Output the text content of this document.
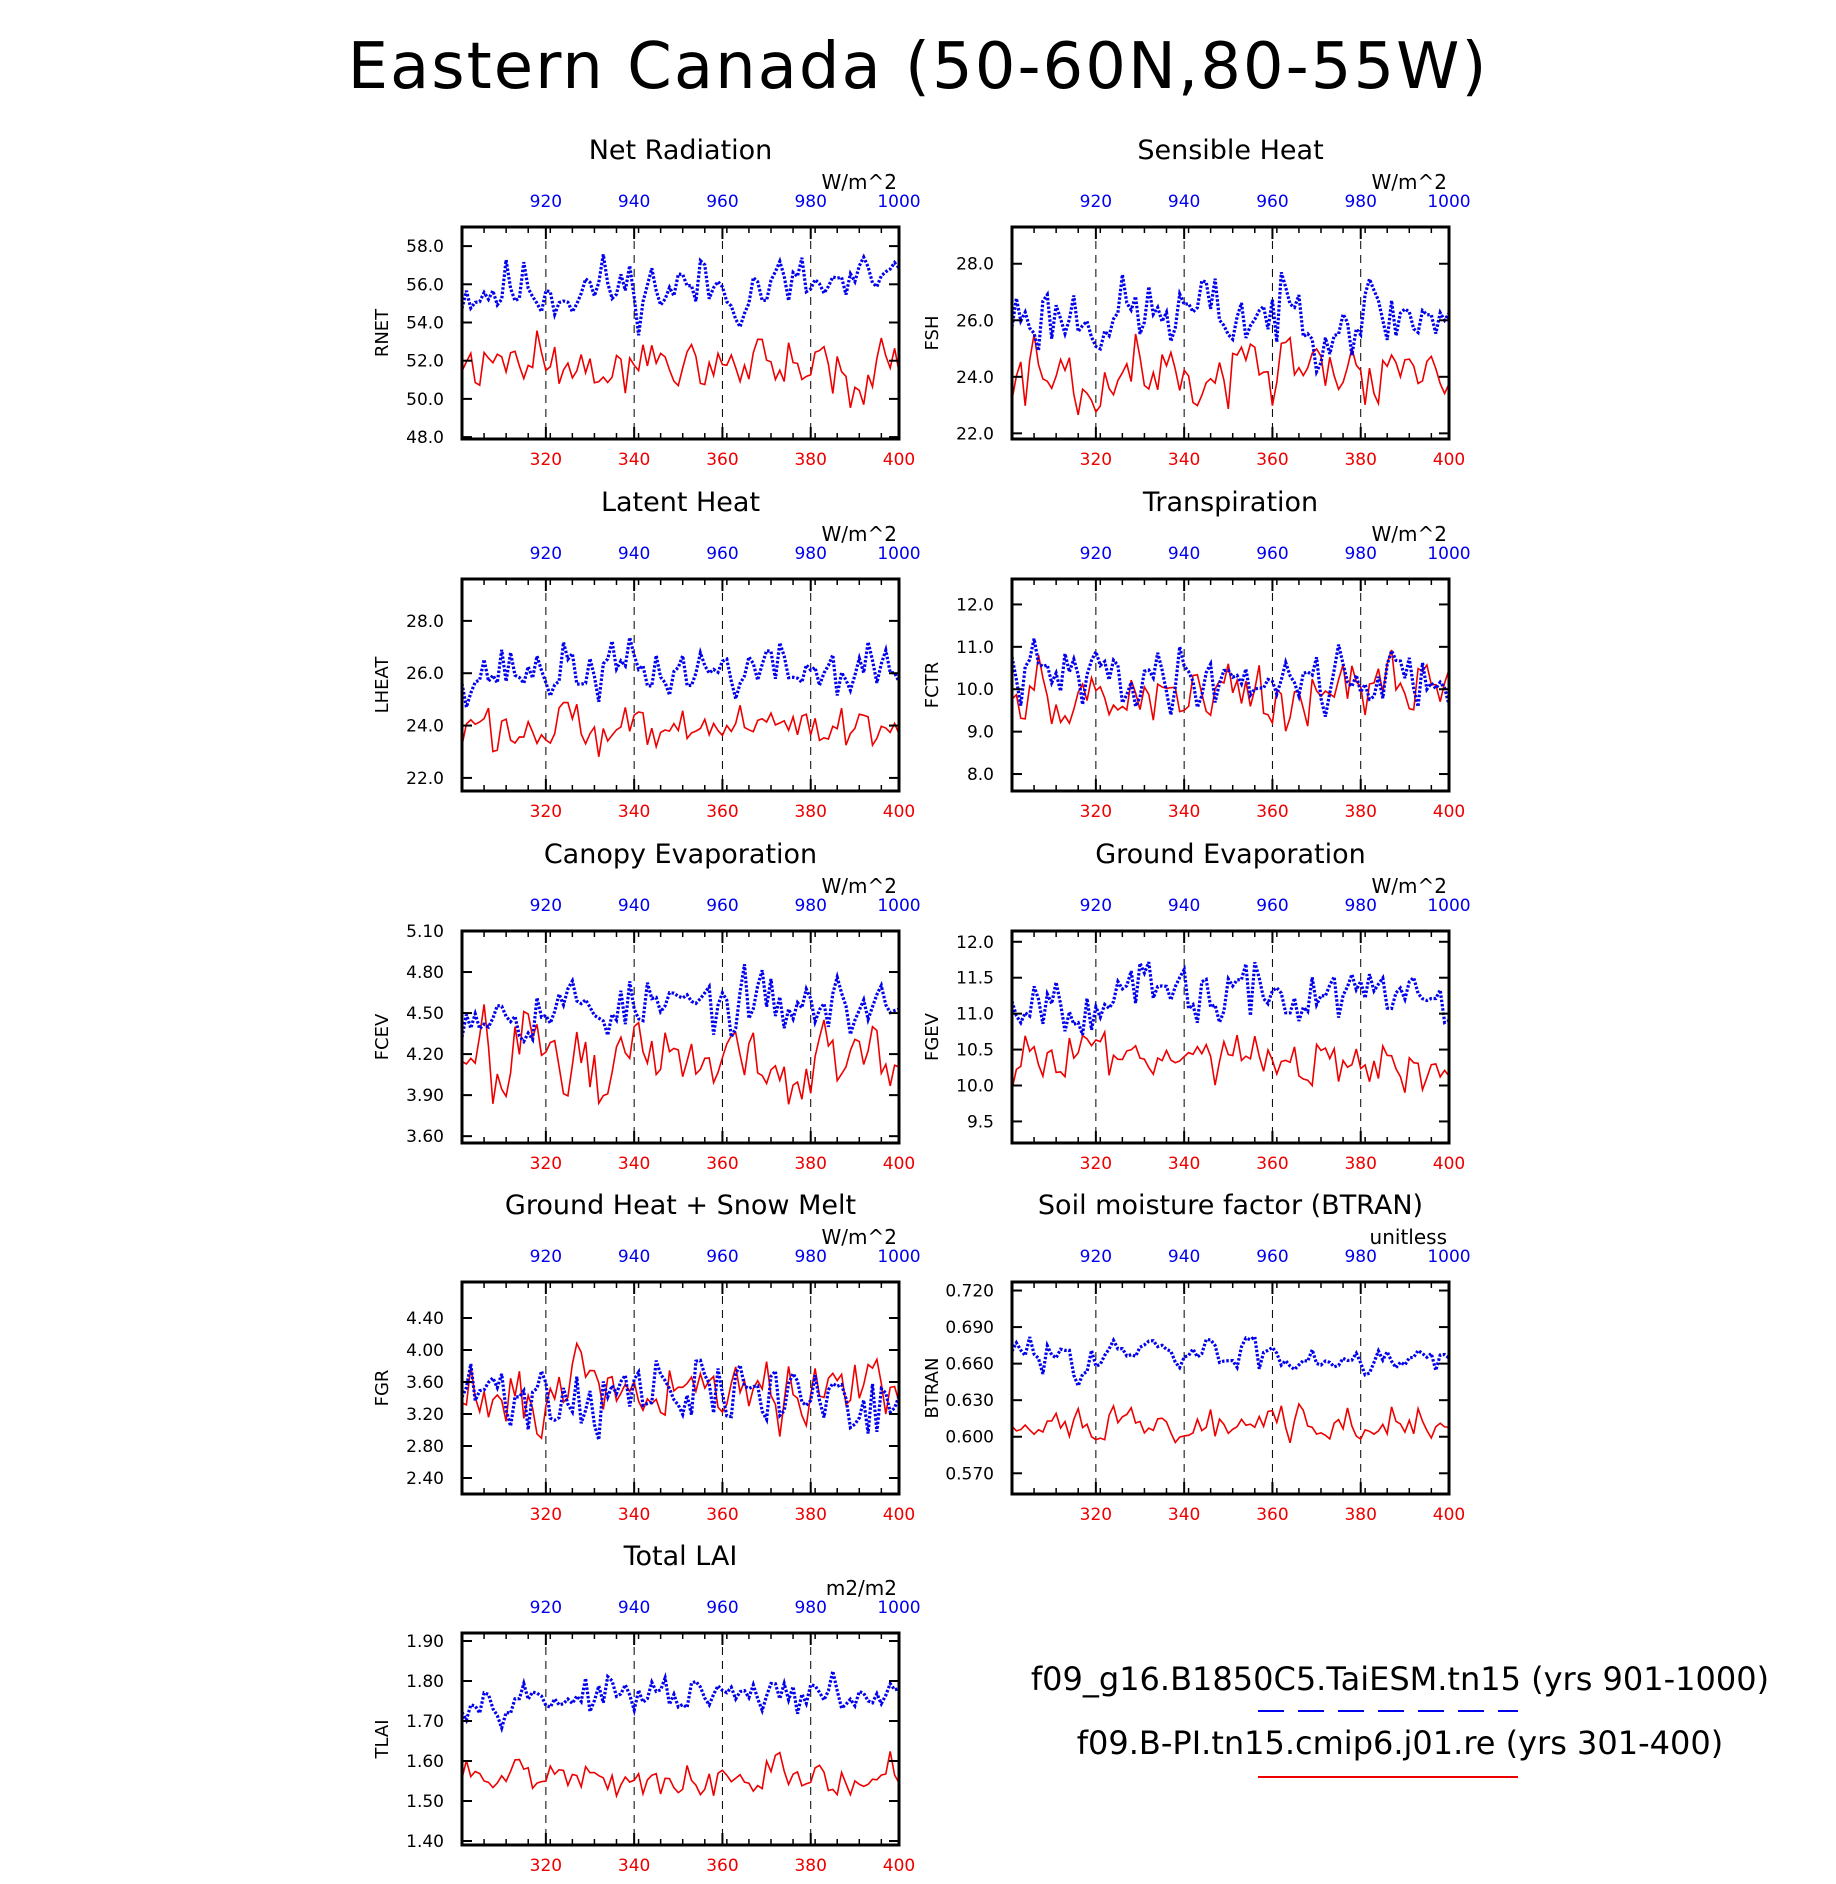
Eastern Canada (50-60N,80-55W)
Net Radiation
W/m^2
48.0
50.0
52.0
54.0
56.0
58.0
RNET
320	340	360	380	400
920	940	960	980	1000
Sensible Heat
W/m^2
22.0
24.0
26.0
28.0
FSH
320	340	360	380	400
920	940	960	980	1000
Latent Heat
W/m^2
22.0
24.0
26.0
28.0
LHEAT
320	340	360	380	400
920	940	960	980	1000
Transpiration
W/m^2
8.0
9.0
10.0
11.0
12.0
FCTR
320	340	360	380	400
920	940	960	980	1000
Canopy Evaporation
W/m^2
3.60
3.90
4.20
4.50
4.80
5.10
FCEV
320	340	360	380	400
920	940	960	980	1000
Ground Evaporation
W/m^2
9.5
10.0
10.5
11.0
11.5
12.0
FGEV
320	340	360	380	400
920	940	960	980	1000
Ground Heat + Snow Melt
W/m^2
2.40
2.80
3.20
3.60
4.00
4.40
FGR
320	340	360	380	400
920	940	960	980	1000
Soil moisture factor (BTRAN)
unitless
0.570
0.600
0.630
0.660
0.690
0.720
BTRAN
320	340	360	380	400
920	940	960	980	1000
Total LAI
m2/m2
1.40
1.50
1.60
1.70
1.80
1.90
TLAI
320	340	360	380	400
920	940	960	980	1000
f09_g16.B1850C5.TaiESM.tn15 (yrs 901-1000)
f09.B-PI.tn15.cmip6.j01.re (yrs 301-400)
